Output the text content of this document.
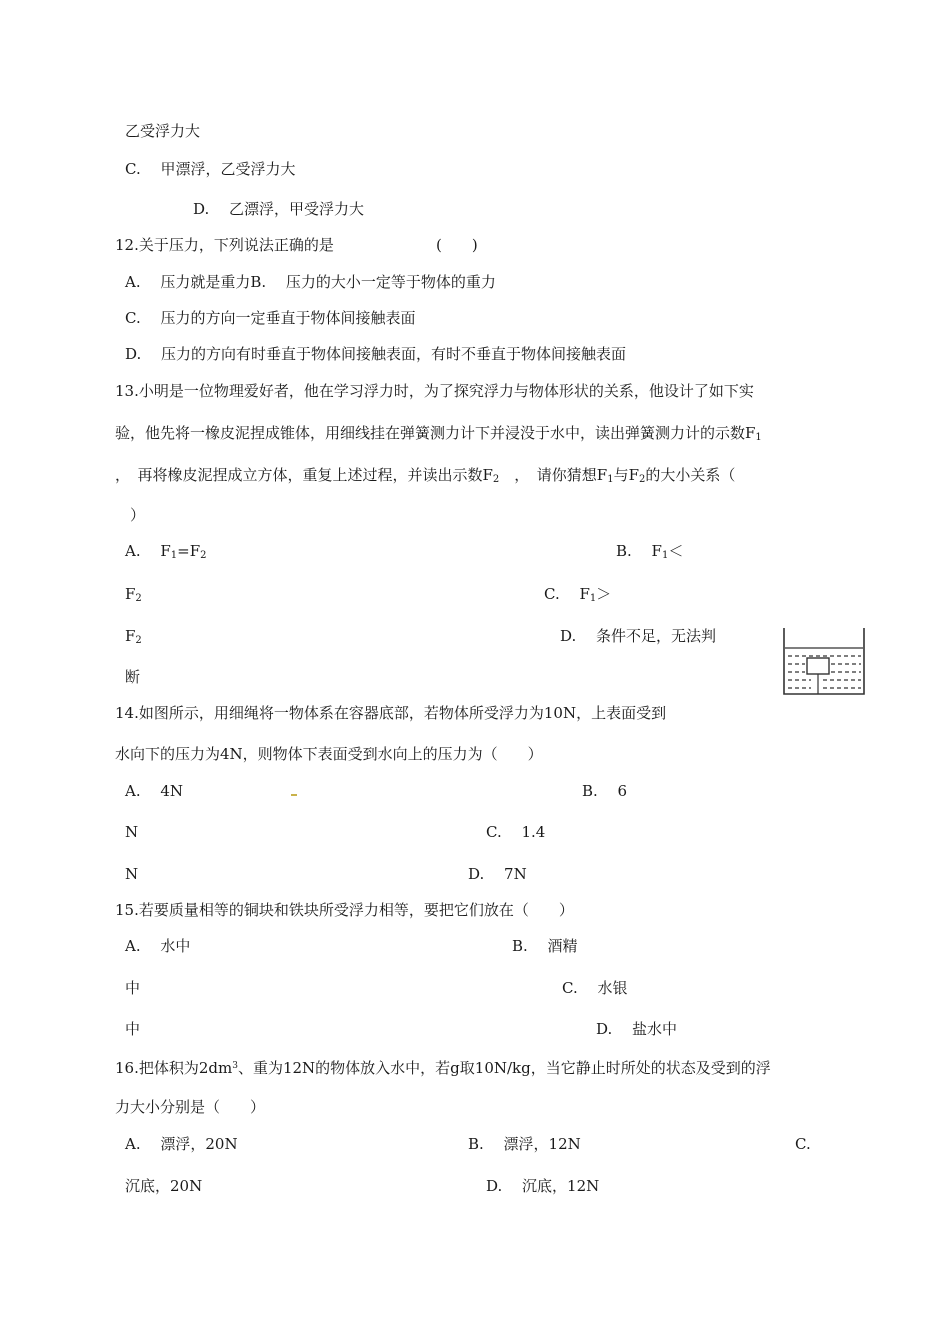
乙受浮力大
C.　 甲漂浮，乙受浮力大
D.　 乙漂浮，甲受浮力大
12.关于压力，下列说法正确的是	(　　)
A.　 压力就是重力B.　 压力的大小一定等于物体的重力
C.　 压力的方向一定垂直于物体间接触表面
D.　 压力的方向有时垂直于物体间接触表面，有时不垂直于物体间接触表面
13.小明是一位物理爱好者，他在学习浮力时，为了探究浮力与物体形状的关系，他设计了如下实
验，他先将一橡皮泥捏成锥体，用细线挂在弹簧测力计下并浸没于水中，读出弹簧测力计的示数$F_1$
，　再将橡皮泥捏成立方体，重复上述过程，并读出示数$F_2$　，　请你猜想$F_1$与$F_2$的大小关系（
）
A.　 $F_1=F_2$	B.　 $F_1<$
$F_2$	C.　 $F_1>$
$F_2$	D.　 条件不足，无法判
断
14.如图所示，用细绳将一物体系在容器底部，若物体所受浮力为10N，上表面受到
水向下的压力为4N，则物体下表面受到水向上的压力为（　　）
A.　 4N	B.　 6
N	C.　 1.4
N	D.　 7N
15.若要质量相等的铜块和铁块所受浮力相等，要把它们放在（　　）
A.　 水中	B.　 酒精
中	C.　 水银
中	D.　 盐水中
16.把体积为$2dm^3$、重为12N的物体放入水中，若g取10N/kg，当它静止时所处的状态及受到的浮
力大小分别是（　　）
A.　 漂浮，20N	B.　 漂浮，12N	C.
沉底，20N	D.　 沉底，12N
